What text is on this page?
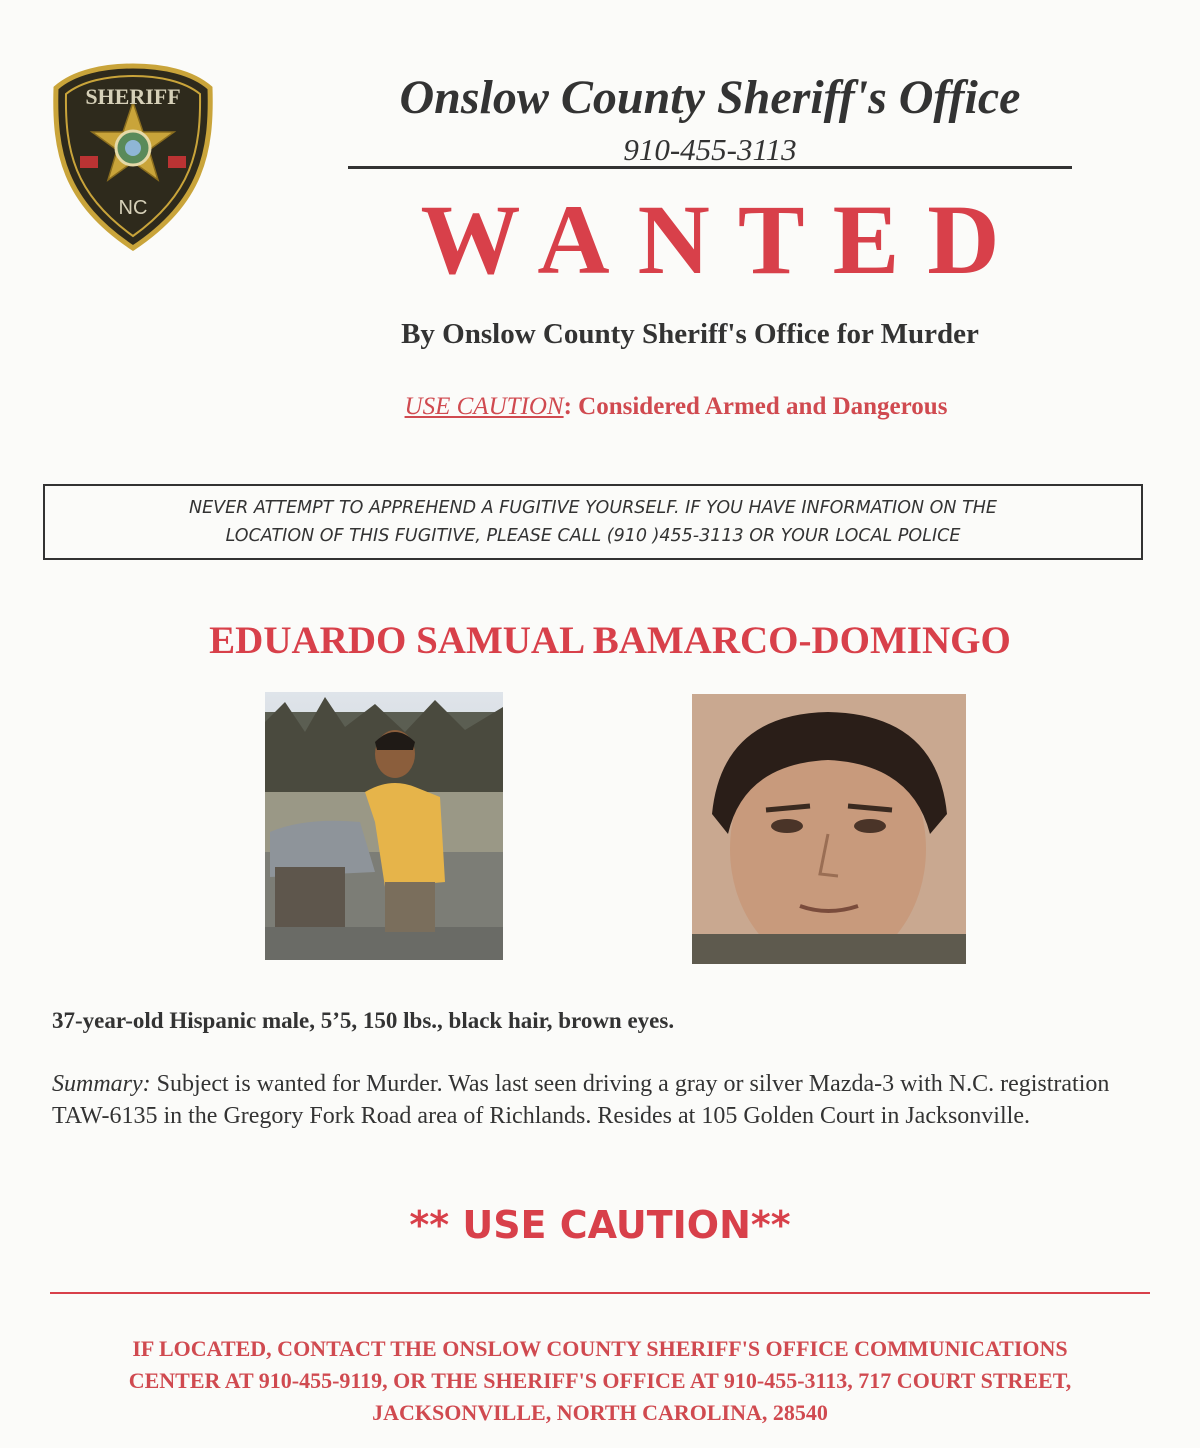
SHERIFF
NC
Onslow County Sheriff's Office
910-455-3113
WANTED
By Onslow County Sheriff's Office for Murder
USE CAUTION: Considered Armed and Dangerous
NEVER ATTEMPT TO APPREHEND A FUGITIVE YOURSELF. IF YOU HAVE INFORMATION ON THE
LOCATION OF THIS FUGITIVE, PLEASE CALL (910 )455-3113 OR YOUR LOCAL POLICE
EDUARDO SAMUAL BAMARCO-DOMINGO
37-year-old Hispanic male, 5’5, 150 lbs., black hair, brown eyes.
Summary: Subject is wanted for Murder. Was last seen driving a gray or silver Mazda-3 with N.C. registration TAW-6135 in the Gregory Fork Road area of Richlands. Resides at 105 Golden Court in Jacksonville.
** USE CAUTION**
IF LOCATED, CONTACT THE ONSLOW COUNTY SHERIFF'S OFFICE COMMUNICATIONS
CENTER AT 910-455-9119, OR THE SHERIFF'S OFFICE AT 910-455-3113, 717 COURT STREET,
JACKSONVILLE, NORTH CAROLINA, 28540
